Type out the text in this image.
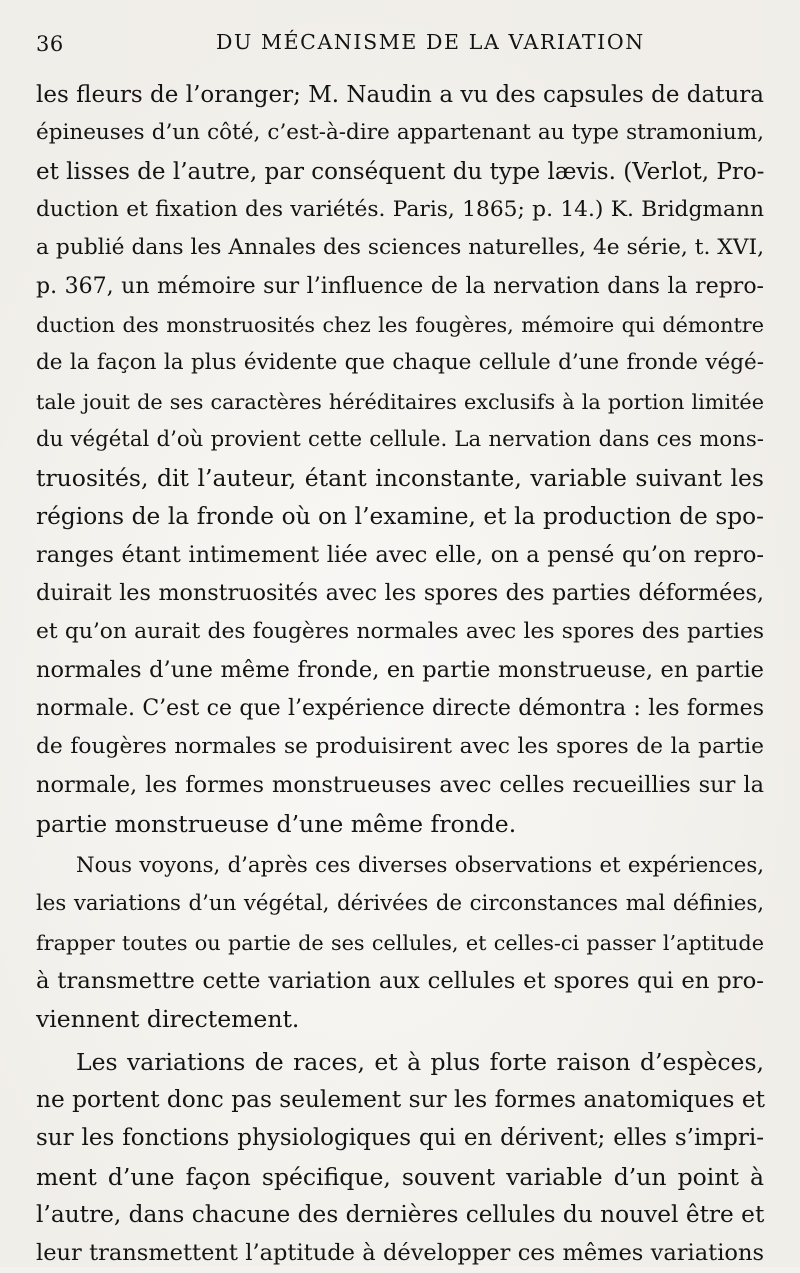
36	DU MÉCANISME DE LA VARIATION
les fleurs de l’oranger; M. Naudin a vu des capsules de datura
épineuses d’un côté, c’est-à-dire appartenant au type stramonium,
et lisses de l’autre, par conséquent du type lævis. (Verlot, Pro-
duction et fixation des variétés. Paris, 1865; p. 14.) K. Bridgmann
a publié dans les Annales des sciences naturelles, 4e série, t. XVI,
p. 367, un mémoire sur l’influence de la nervation dans la repro-
duction des monstruosités chez les fougères, mémoire qui démontre
de la façon la plus évidente que chaque cellule d’une fronde végé-
tale jouit de ses caractères héréditaires exclusifs à la portion limitée
du végétal d’où provient cette cellule. La nervation dans ces mons-
truosités, dit l’auteur, étant inconstante, variable suivant les
régions de la fronde où on l’examine, et la production de spo-
ranges étant intimement liée avec elle, on a pensé qu’on repro-
duirait les monstruosités avec les spores des parties déformées,
et qu’on aurait des fougères normales avec les spores des parties
normales d’une même fronde, en partie monstrueuse, en partie
normale. C’est ce que l’expérience directe démontra : les formes
de fougères normales se produisirent avec les spores de la partie
normale, les formes monstrueuses avec celles recueillies sur la
partie monstrueuse d’une même fronde.
Nous voyons, d’après ces diverses observations et expériences,
les variations d’un végétal, dérivées de circonstances mal définies,
frapper toutes ou partie de ses cellules, et celles-ci passer l’aptitude
à transmettre cette variation aux cellules et spores qui en pro-
viennent directement.
Les variations de races, et à plus forte raison d’espèces,
ne portent donc pas seulement sur les formes anatomiques et
sur les fonctions physiologiques qui en dérivent; elles s’impri-
ment d’une façon spécifique, souvent variable d’un point à
l’autre, dans chacune des dernières cellules du nouvel être et
leur transmettent l’aptitude à développer ces mêmes variations
